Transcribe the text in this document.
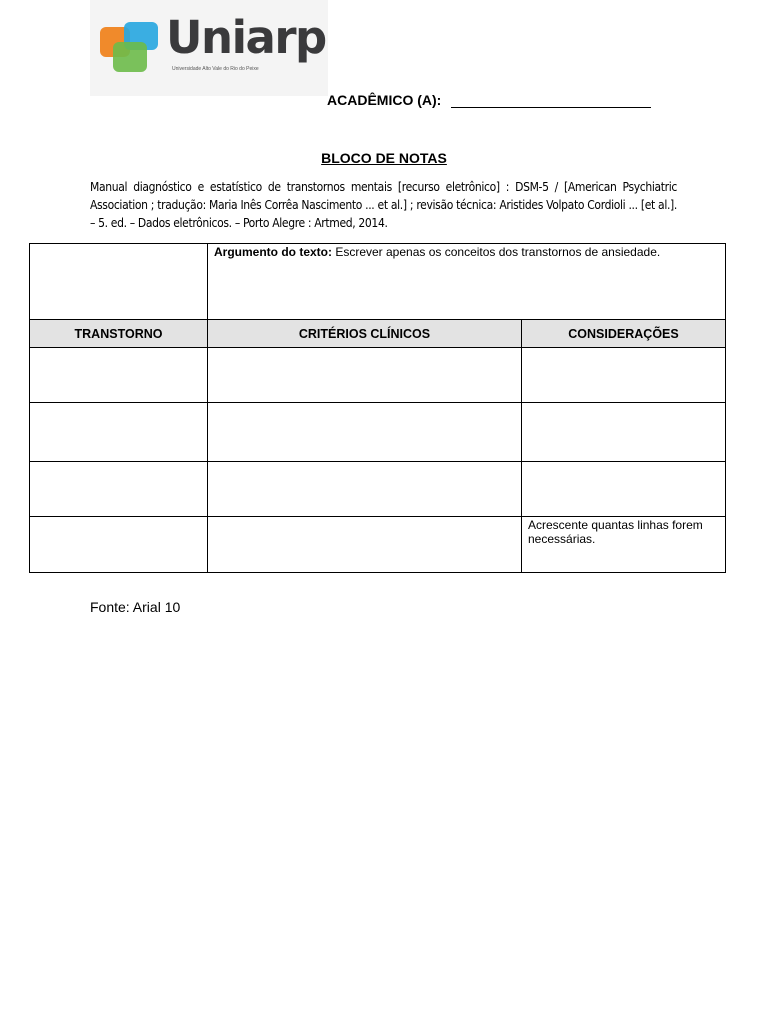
Uniarp
Universidade Alto Vale do Rio do Peixe
ACADÊMICO (A):
BLOCO DE NOTAS
Manual diagnóstico e estatístico de transtornos mentais [recurso eletrônico] : DSM-5 / [American Psychiatric Association ; tradução: Maria Inês Corrêa Nascimento ... et al.] ; revisão técnica: Aristides Volpato Cordioli ... [et al.]. – 5. ed. – Dados eletrônicos. – Porto Alegre : Artmed, 2014.
	Argumento do texto: Escrever apenas os conceitos dos transtornos de ansiedade.	
TRANSTORNO	CRITÉRIOS CLÍNICOS	CONSIDERAÇÕES

		Acrescente quantas linhas forem necessárias.
Fonte: Arial 10
